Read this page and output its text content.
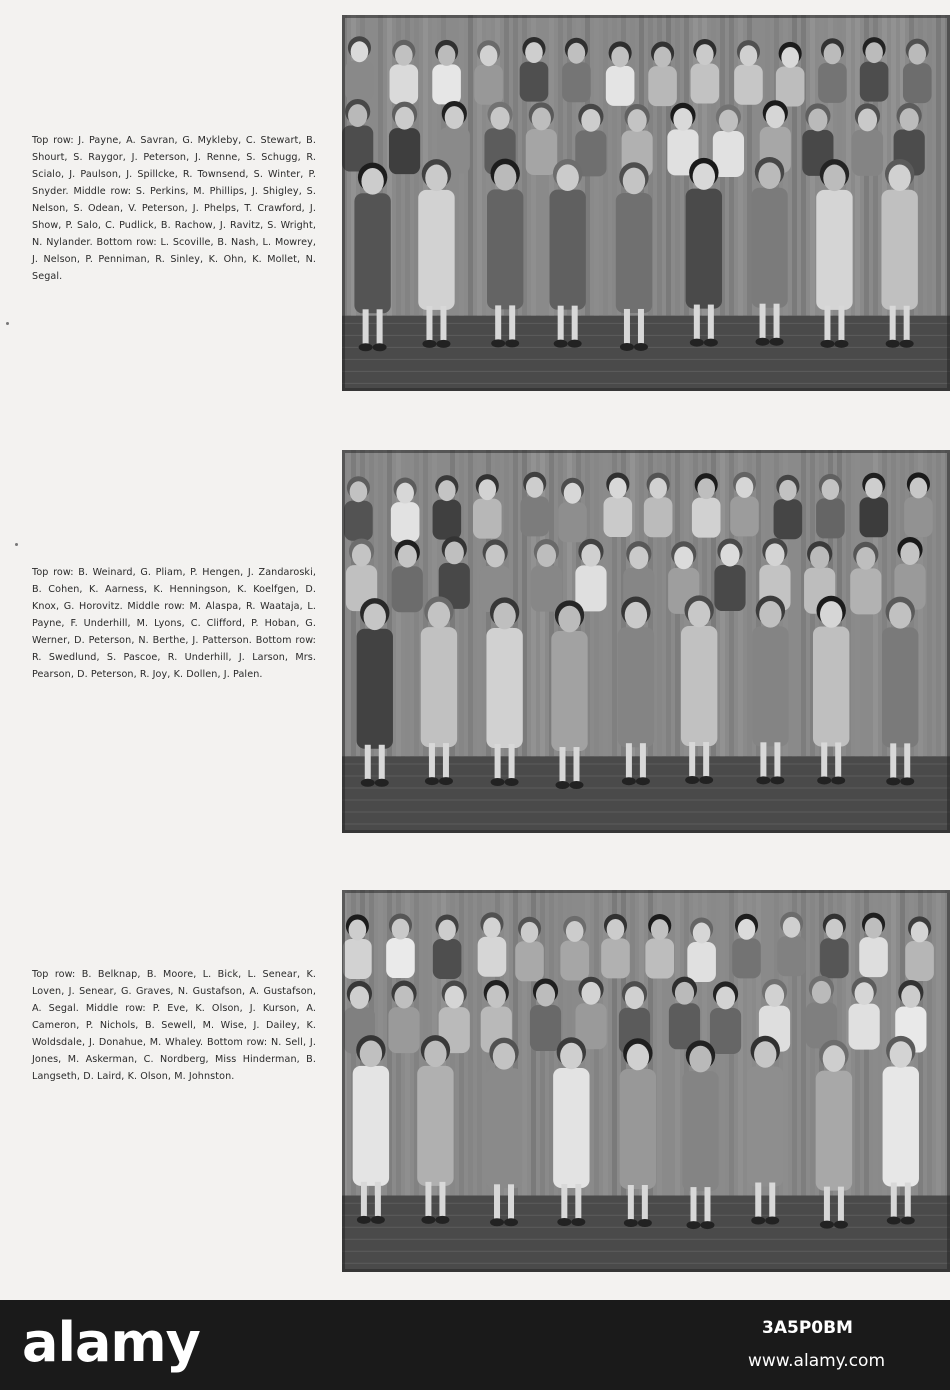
Top row: J. Payne, A. Savran, G. Mykleby, C. Stewart, B. Shourt, S. Raygor, J. Peterson, J. Renne, S. Schugg, R. Scialo, J. Paulson, J. Spillcke, R. Townsend, S. Winter, P. Snyder. Middle row: S. Perkins, M. Phillips, J. Shigley, S. Nelson, S. Odean, V. Peterson, J. Phelps, T. Crawford, J. Show, P. Salo, C. Pudlick, B. Rachow, J. Ravitz, S. Wright, N. Nylander. Bottom row: L. Scoville, B. Nash, L. Mowrey, J. Nelson, P. Penniman, R. Sinley, K. Ohn, K. Mollet, N. Segal.

Top row: B. Weinard, G. Pliam, P. Hengen, J. Zandaroski, B. Cohen, K. Aarness, K. Henningson, K. Koelfgen, D. Knox, G. Horovitz. Middle row: M. Alaspa, R. Waataja, L. Payne, F. Underhill, M. Lyons, C. Clifford, P. Hoban, G. Werner, D. Peterson, N. Berthe, J. Patterson. Bottom row: R. Swedlund, S. Pascoe, R. Underhill, J. Larson, Mrs. Pearson, D. Peterson, R. Joy, K. Dollen, J. Palen.

Top row: B. Belknap, B. Moore, L. Bick, L. Senear, K. Loven, J. Senear, G. Graves, N. Gustafson, A. Gustafson, A. Segal. Middle row: P. Eve, K. Olson, J. Kurson, A. Cameron, P. Nichols, B. Sewell, M. Wise, J. Dailey, K. Woldsdale, J. Donahue, M. Whaley. Bottom row: N. Sell, J. Jones, M. Askerman, C. Nordberg, Miss Hinderman, B. Langseth, D. Laird, K. Olson, M. Johnston.

alamy	3A5P0BM
www.alamy.com
